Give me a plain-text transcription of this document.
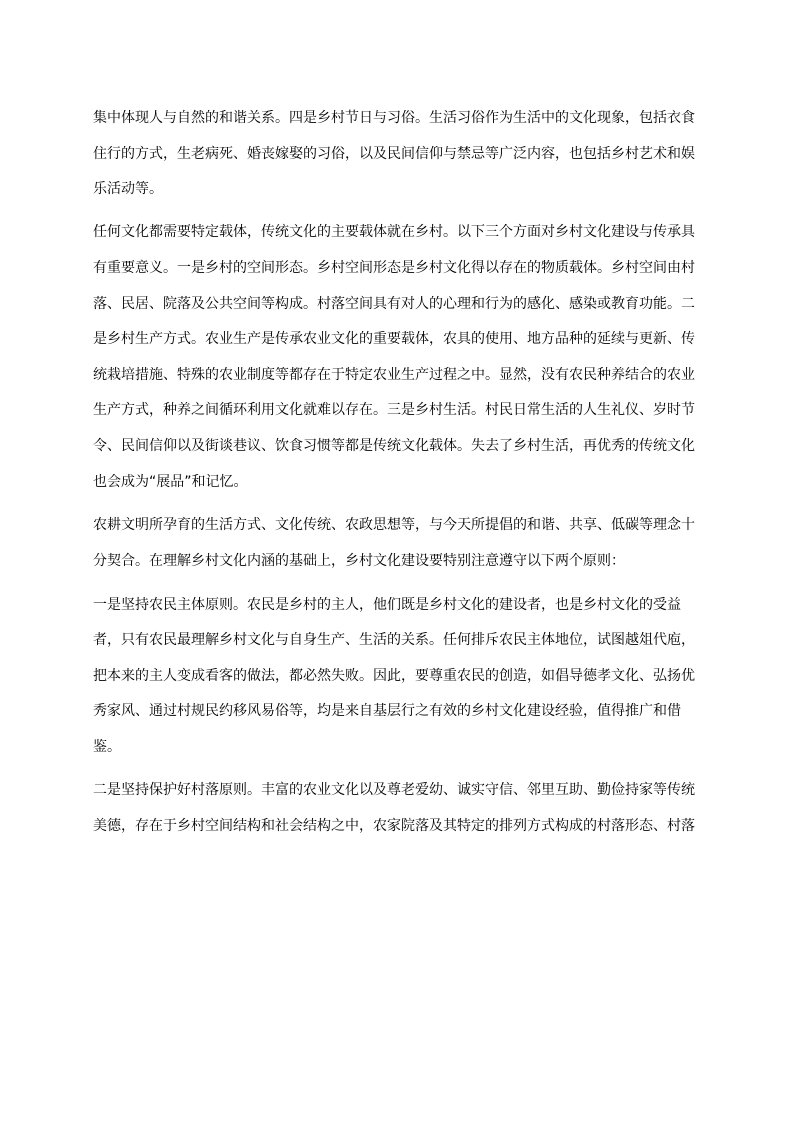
集中体现人与自然的和谐关系。四是乡村节日与习俗。生活习俗作为生活中的文化现象，包括衣食
住行的方式，生老病死、婚丧嫁娶的习俗，以及民间信仰与禁忌等广泛内容，也包括乡村艺术和娱
乐活动等。
任何文化都需要特定载体，传统文化的主要载体就在乡村。以下三个方面对乡村文化建设与传承具
有重要意义。一是乡村的空间形态。乡村空间形态是乡村文化得以存在的物质载体。乡村空间由村
落、民居、院落及公共空间等构成。村落空间具有对人的心理和行为的感化、感染或教育功能。二
是乡村生产方式。农业生产是传承农业文化的重要载体，农具的使用、地方品种的延续与更新、传
统栽培措施、特殊的农业制度等都存在于特定农业生产过程之中。显然，没有农民种养结合的农业
生产方式，种养之间循环利用文化就难以存在。三是乡村生活。村民日常生活的人生礼仪、岁时节
令、民间信仰以及街谈巷议、饮食习惯等都是传统文化载体。失去了乡村生活，再优秀的传统文化
也会成为“展品”和记忆。
农耕文明所孕育的生活方式、文化传统、农政思想等，与今天所提倡的和谐、共享、低碳等理念十
分契合。在理解乡村文化内涵的基础上，乡村文化建设要特别注意遵守以下两个原则：
一是坚持农民主体原则。农民是乡村的主人，他们既是乡村文化的建设者，也是乡村文化的受益
者，只有农民最理解乡村文化与自身生产、生活的关系。任何排斥农民主体地位，试图越俎代庖，
把本来的主人变成看客的做法，都必然失败。因此，要尊重农民的创造，如倡导德孝文化、弘扬优
秀家风、通过村规民约移风易俗等，均是来自基层行之有效的乡村文化建设经验，值得推广和借
鉴。
二是坚持保护好村落原则。丰富的农业文化以及尊老爱幼、诚实守信、邻里互助、勤俭持家等传统
美德，存在于乡村空间结构和社会结构之中，农家院落及其特定的排列方式构成的村落形态、村落
